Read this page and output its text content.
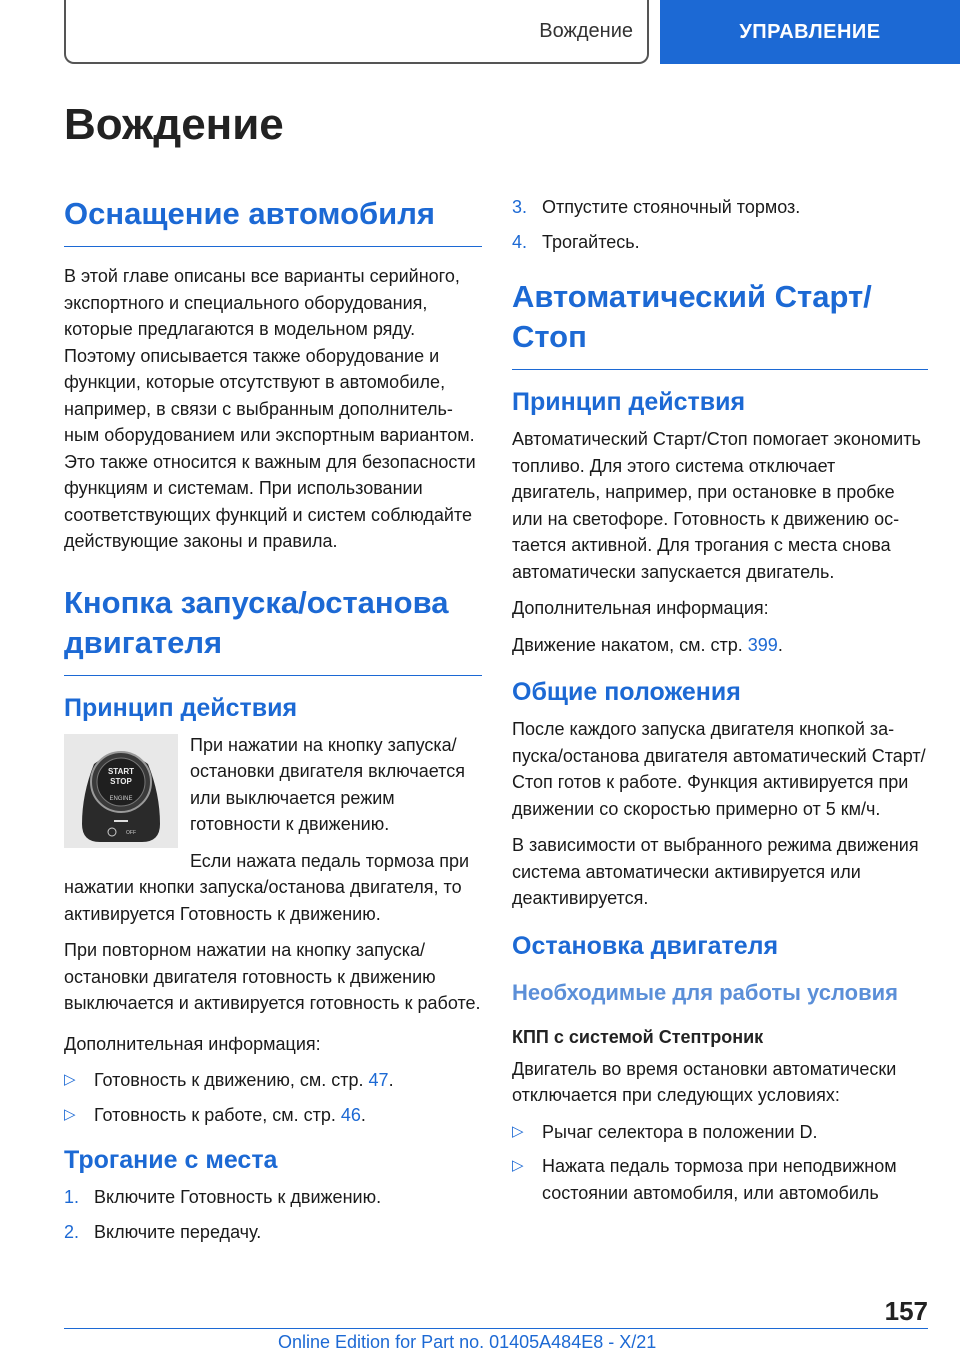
Вождение	УПРАВЛЕНИЕ
Вождение
Оснащение автомобиля

В этой главе описаны все варианты серийного, экспортного и специального оборудования, которые предлагаются в модельном ряду. Поэтому описывается также оборудование и функции, которые отсутствуют в автомобиле, например, в связи с выбранным дополнительным оборудованием или экспортным вариантом. Это также относится к важным для безопасности функциям и системам. При использовании соответствующих функций и систем соблюдайте действующие законы и правила.

Кнопка запуска/останова двигателя
Принцип действия
START
STOP
ENGINE
OFF

При нажатии на кнопку запуска/ остановки двигателя включается или выключается режим готовности к движению.

Если нажата педаль тормоза при нажатии кнопки запуска/останова двигателя, то активируется Готовность к движению.

При повторном нажатии на кнопку запуска/ остановки двигателя готовность к движению выключается и активируется готовность к работе.

Дополнительная информация:

▷ Готовность к движению, см. стр. 47.
▷ Готовность к работе, см. стр. 46.
Трогание с места
1. Включите Готовность к движению.
2. Включите передачу.
3. Отпустите стояночный тормоз.
4. Трогайтесь.
Автоматический Старт/ Стоп
Принцип действия

Автоматический Старт/Стоп помогает экономить топливо. Для этого система отключает двигатель, например, при остановке в пробке или на светофоре. Готовность к движению остается активной. Для трогания с места снова автоматически запускается двигатель.

Дополнительная информация:

Движение накатом, см. стр. 399.

Общие положения

После каждого запуска двигателя кнопкой запуска/останова двигателя автоматический Старт/Стоп готов к работе. Функция активируется при движении со скоростью примерно от 5 км/ч.

В зависимости от выбранного режима движения система автоматически активируется или деактивируется.

Остановка двигателя
Необходимые для работы условия
КПП с системой Стептроник

Двигатель во время остановки автоматически отключается при следующих условиях:

▷ Рычаг селектора в положении D.
▷ Нажата педаль тормоза при неподвижном состоянии автомобиля, или автомобиль
157
Online Edition for Part no. 01405A484E8 - X/21
